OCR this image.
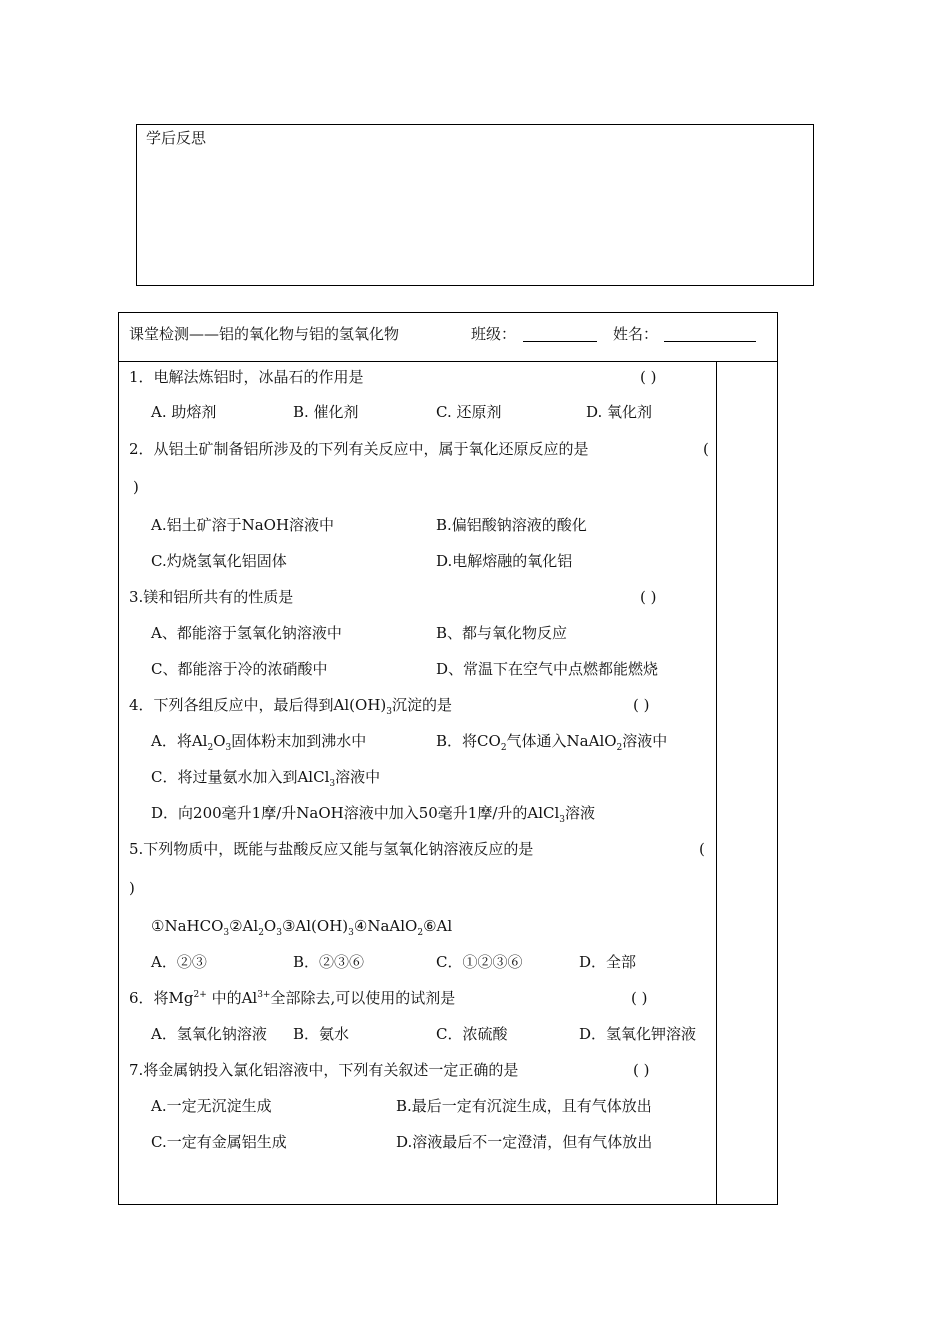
学后反思
课堂检测——铝的氧化物与铝的氢氧化物	班级：	姓名：
1．电解法炼铝时，冰晶石的作用是	( )
A. 助熔剂	B. 催化剂	C. 还原剂	D. 氧化剂
2．从铝土矿制备铝所涉及的下列有关反应中，属于氧化还原反应的是	(
)
A.铝土矿溶于NaOH溶液中	B.偏铝酸钠溶液的酸化
C.灼烧氢氧化铝固体	D.电解熔融的氧化铝
3.镁和铝所共有的性质是	( )
A、都能溶于氢氧化钠溶液中	B、都与氧化物反应
C、都能溶于冷的浓硝酸中	D、常温下在空气中点燃都能燃烧
4．下列各组反应中，最后得到$Al(OH)_3$沉淀的是	( )
A．将$Al_2O_3$固体粉末加到沸水中	B．将$CO_2$气体通入NaAlO$_2$溶液中
C．将过量氨水加入到AlCl$_3$溶液中
D．向200毫升1摩/升NaOH溶液中加入50毫升1摩/升的AlCl$_3$溶液
5.下列物质中，既能与盐酸反应又能与氢氧化钠溶液反应的是	(
)
$①NaHCO_3②Al_2O_3③Al(OH)_3④NaAlO_2⑥Al$
A．②③	B．②③⑥	C．①②③⑥	D．全部
6．将$Mg^{2+}$ 中的$Al^{3+}$全部除去,可以使用的试剂是	( )
A．氢氧化钠溶液 B．氨水	C．浓硫酸	D．氢氧化钾溶液
7.将金属钠投入氯化铝溶液中，下列有关叙述一定正确的是	( )
A.一定无沉淀生成	B.最后一定有沉淀生成，且有气体放出
C.一定有金属铝生成	D.溶液最后不一定澄清，但有气体放出
